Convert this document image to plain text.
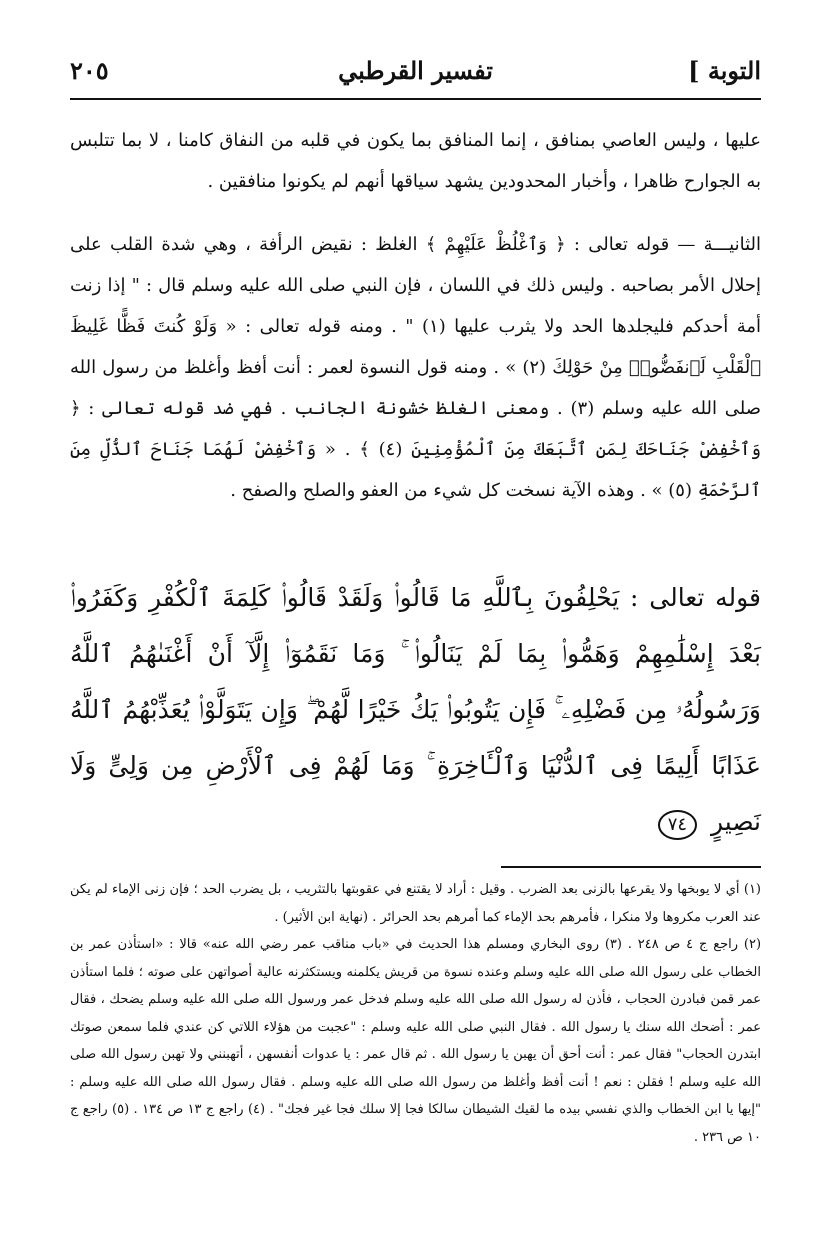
التوبة ]
تفسير القرطبي
٢٠٥

عليها ، وليس العاصي بمنافق ، إنما المنافق بما يكون في قلبه من النفاق كامنا ، لا بما تتلبس به الجوارح ظاهرا ، وأخبار المحدودين يشهد سياقها أنهم لم يكونوا منافقين .

الثانيـــة — قوله تعالى : ﴿ وَٱغْلُظْ عَلَيْهِمْ ﴾ الغلظ : نقيض الرأفة ، وهي شدة القلب على إحلال الأمر بصاحبه . وليس ذلك في اللسان ، فإن النبي صلى الله عليه وسلم قال : " إذا زنت أمة أحدكم فليجلدها الحد ولا يثرب عليها (١) " . ومنه قوله تعالى : « وَلَوْ كُنتَ فَظًّا غَلِيظَ ٱلْقَلْبِ لَٱنفَضُّوا۟ مِنْ حَوْلِكَ (٢) » . ومنه قول النسوة لعمر : أنت أفظ وأغلظ من رسول الله صلى الله عليه وسلم (٣) . ومعنى الغلظ خشونة الجانب . فهي ضد قوله تعالى : ﴿ وَٱخْفِضْ جَنَاحَكَ لِمَنِ ٱتَّبَعَكَ مِنَ ٱلْمُؤْمِنِينَ (٤) ﴾ . « وَٱخْفِضْ لَهُمَا جَنَاحَ ٱلذُّلِّ مِنَ ٱلرَّحْمَةِ (٥) » . وهذه الآية نسخت كل شيء من العفو والصلح والصفح .

قوله تعالى : يَحْلِفُونَ بِٱللَّهِ مَا قَالُوا۟ وَلَقَدْ قَالُوا۟ كَلِمَةَ ٱلْكُفْرِ وَكَفَرُوا۟ بَعْدَ إِسْلَٰمِهِمْ وَهَمُّوا۟ بِمَا لَمْ يَنَالُوا۟ ۚ وَمَا نَقَمُوٓا۟ إِلَّآ أَنْ أَغْنَىٰهُمُ ٱللَّهُ وَرَسُولُهُۥ مِن فَضْلِهِۦ ۚ فَإِن يَتُوبُوا۟ يَكُ خَيْرًا لَّهُمْ ۖ وَإِن يَتَوَلَّوْا۟ يُعَذِّبْهُمُ ٱللَّهُ عَذَابًا أَلِيمًا فِى ٱلدُّنْيَا وَٱلْـَٔاخِرَةِ ۚ وَمَا لَهُمْ فِى ٱلْأَرْضِ مِن وَلِىٍّ وَلَا نَصِيرٍ ٧٤

(١) أي لا يوبخها ولا يقرعها بالزنى بعد الضرب . وقيل : أراد لا يقتنع في عقوبتها بالتثريب ، بل يضرب الحد ؛ فإن زنى الإماء لم يكن عند العرب مكروها ولا منكرا ، فأمرهم بحد الإماء كما أمرهم بحد الحرائر . (نهاية ابن الأثير) .

(٢) راجع ج ٤ ص ٢٤٨ . (٣) روى البخاري ومسلم هذا الحديث في «باب مناقب عمر رضي الله عنه» قالا : «استأذن عمر بن الخطاب على رسول الله صلى الله عليه وسلم وعنده نسوة من قريش يكلمنه ويستكثرنه عالية أصواتهن على صوته ؛ فلما استأذن عمر قمن فبادرن الحجاب ، فأذن له رسول الله صلى الله عليه وسلم فدخل عمر ورسول الله صلى الله عليه وسلم يضحك ، فقال عمر : أضحك الله سنك يا رسول الله . فقال النبي صلى الله عليه وسلم : "عجبت من هؤلاء اللاتي كن عندي فلما سمعن صوتك ابتدرن الحجاب" فقال عمر : أنت أحق أن يهبن يا رسول الله . ثم قال عمر : يا عدوات أنفسهن ، أتهبنني ولا تهبن رسول الله صلى الله عليه وسلم ! فقلن : نعم ! أنت أفظ وأغلظ من رسول الله صلى الله عليه وسلم . فقال رسول الله صلى الله عليه وسلم : "إيها يا ابن الخطاب والذي نفسي بيده ما لقيك الشيطان سالكا فجا إلا سلك فجا غير فجك" . (٤) راجع ج ١٣ ص ١٣٤ . (٥) راجع ج ١٠ ص ٢٣٦ .
